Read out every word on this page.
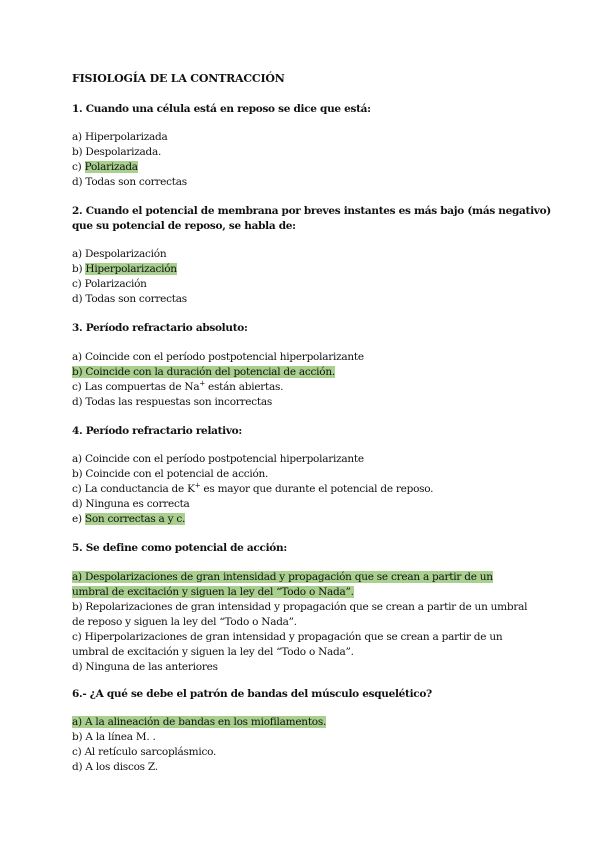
FISIOLOGÍA DE LA CONTRACCIÓN
1. Cuando una célula está en reposo se dice que está:
a) Hiperpolarizada
b) Despolarizada.
c) Polarizada
d) Todas son correctas
2. Cuando el potencial de membrana por breves instantes es más bajo (más negativo)
que su potencial de reposo, se habla de:
a) Despolarización
b) Hiperpolarización
c) Polarización
d) Todas son correctas
3. Período refractario absoluto:
a) Coincide con el período postpotencial hiperpolarizante
b) Coincide con la duración del potencial de acción.
c) Las compuertas de Na+ están abiertas.
d) Todas las respuestas son incorrectas
4. Período refractario relativo:
a) Coincide con el período postpotencial hiperpolarizante
b) Coincide con el potencial de acción.
c) La conductancia de K+ es mayor que durante el potencial de reposo.
d) Ninguna es correcta
e) Son correctas a y c.
5. Se define como potencial de acción:
a) Despolarizaciones de gran intensidad y propagación que se crean a partir de un umbral de excitación y siguen la ley del “Todo o Nada”.
b) Repolarizaciones de gran intensidad y propagación que se crean a partir de un umbral de reposo y siguen la ley del “Todo o Nada”.
c) Hiperpolarizaciones de gran intensidad y propagación que se crean a partir de un umbral de excitación y siguen la ley del “Todo o Nada”.
d) Ninguna de las anteriores
6.- ¿A qué se debe el patrón de bandas del músculo esquelético?
a) A la alineación de bandas en los miofilamentos.
b) A la línea M. .
c) Al retículo sarcoplásmico.
d) A los discos Z.
